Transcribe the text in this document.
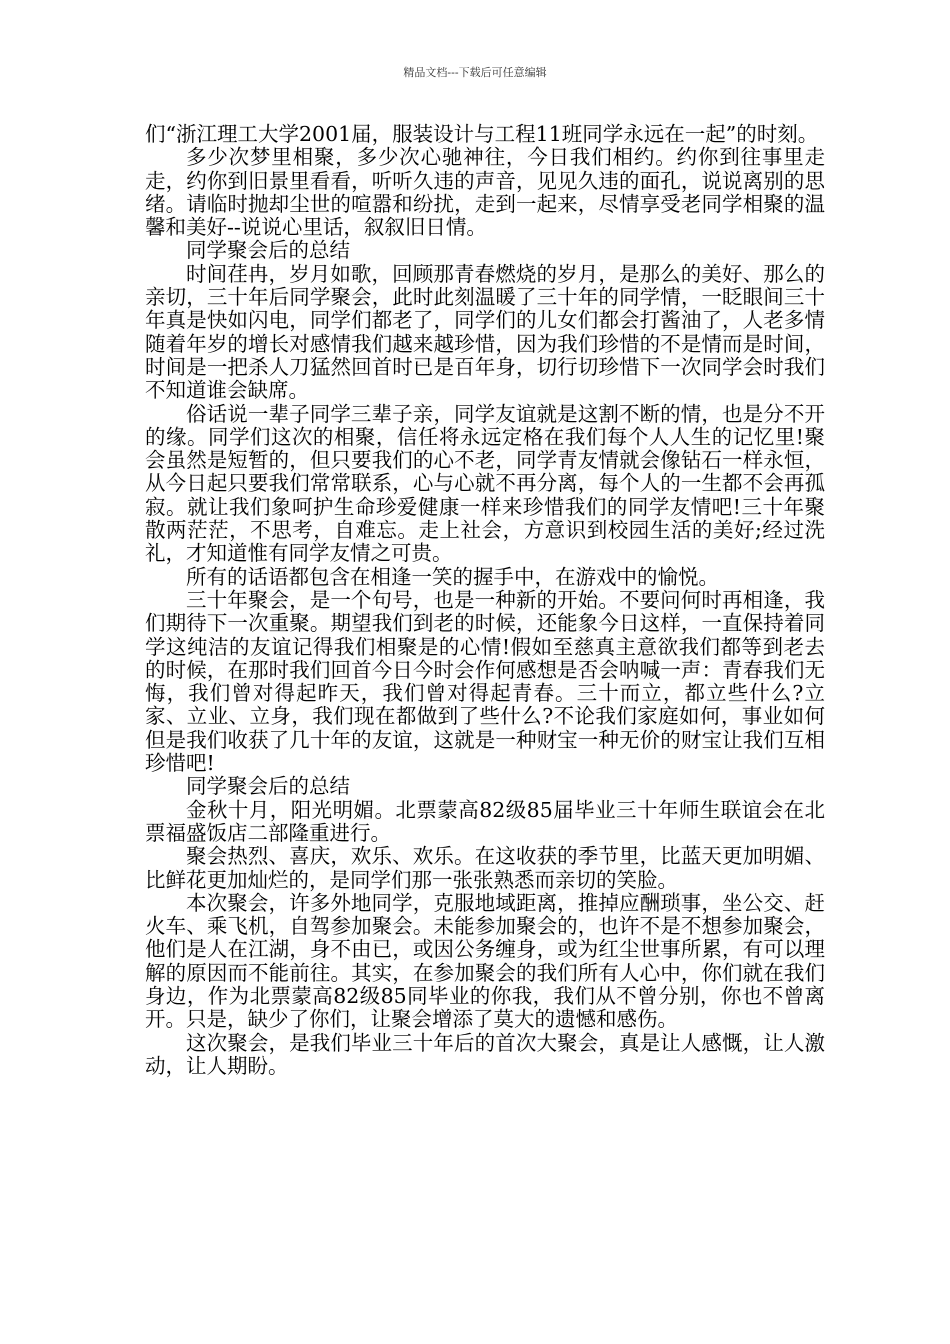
精品文档---下载后可任意编辑

们“浙江理工大学2001届，服装设计与工程11班同学永远在一起”的时刻。

多少次梦里相聚，多少次心驰神往，今日我们相约。约你到往事里走走，约你到旧景里看看，听听久违的声音，见见久违的面孔，说说离别的思绪。请临时抛却尘世的喧嚣和纷扰，走到一起来，尽情享受老同学相聚的温馨和美好--说说心里话，叙叙旧日情。

同学聚会后的总结

时间荏冉，岁月如歌，回顾那青春燃烧的岁月，是那么的美好、那么的亲切，三十年后同学聚会，此时此刻温暖了三十年的同学情，一眨眼间三十年真是快如闪电，同学们都老了，同学们的儿女们都会打酱油了，人老多情随着年岁的增长对感情我们越来越珍惜，因为我们珍惜的不是情而是时间，时间是一把杀人刀猛然回首时已是百年身，切行切珍惜下一次同学会时我们不知道谁会缺席。

俗话说一辈子同学三辈子亲，同学友谊就是这割不断的情，也是分不开的缘。同学们这次的相聚，信任将永远定格在我们每个人人生的记忆里!聚会虽然是短暂的，但只要我们的心不老，同学青友情就会像钻石一样永恒， 从今日起只要我们常常联系，心与心就不再分离，每个人的一生都不会再孤寂。就让我们象呵护生命珍爱健康一样来珍惜我们的同学友情吧!三十年聚散两茫茫，不思考，自难忘。走上社会，方意识到校园生活的美好;经过洗礼，才知道惟有同学友情之可贵。

所有的话语都包含在相逢一笑的握手中，在游戏中的愉悦。

三十年聚会，是一个句号，也是一种新的开始。不要问何时再相逢，我们期待下一次重聚。期望我们到老的时候，还能象今日这样，一直保持着同学这纯洁的友谊记得我们相聚是的心情!假如至慈真主意欲我们都等到老去的时候，在那时我们回首今日今时会作何感想是否会呐喊一声：青春我们无悔，我们曾对得起昨天，我们曾对得起青春。三十而立，都立些什么?立家、立业、立身，我们现在都做到了些什么?不论我们家庭如何，事业如何但是我们收获了几十年的友谊，这就是一种财宝一种无价的财宝让我们互相珍惜吧!

同学聚会后的总结

金秋十月，阳光明媚。北票蒙高82级85届毕业三十年师生联谊会在北票福盛饭店二部隆重进行。

聚会热烈、喜庆，欢乐、欢乐。在这收获的季节里，比蓝天更加明媚、比鲜花更加灿烂的，是同学们那一张张熟悉而亲切的笑脸。

本次聚会，许多外地同学，克服地域距离，推掉应酬琐事，坐公交、赶火车、乘飞机，自驾参加聚会。未能参加聚会的，也许不是不想参加聚会，他们是人在江湖，身不由已，或因公务缠身，或为红尘世事所累，有可以理解的原因而不能前往。其实，在参加聚会的我们所有人心中，你们就在我们身边，作为北票蒙高82级85同毕业的你我，我们从不曾分别，你也不曾离开。只是，缺少了你们，让聚会增添了莫大的遗憾和感伤。

这次聚会，是我们毕业三十年后的首次大聚会，真是让人感慨，让人激动，让人期盼。
